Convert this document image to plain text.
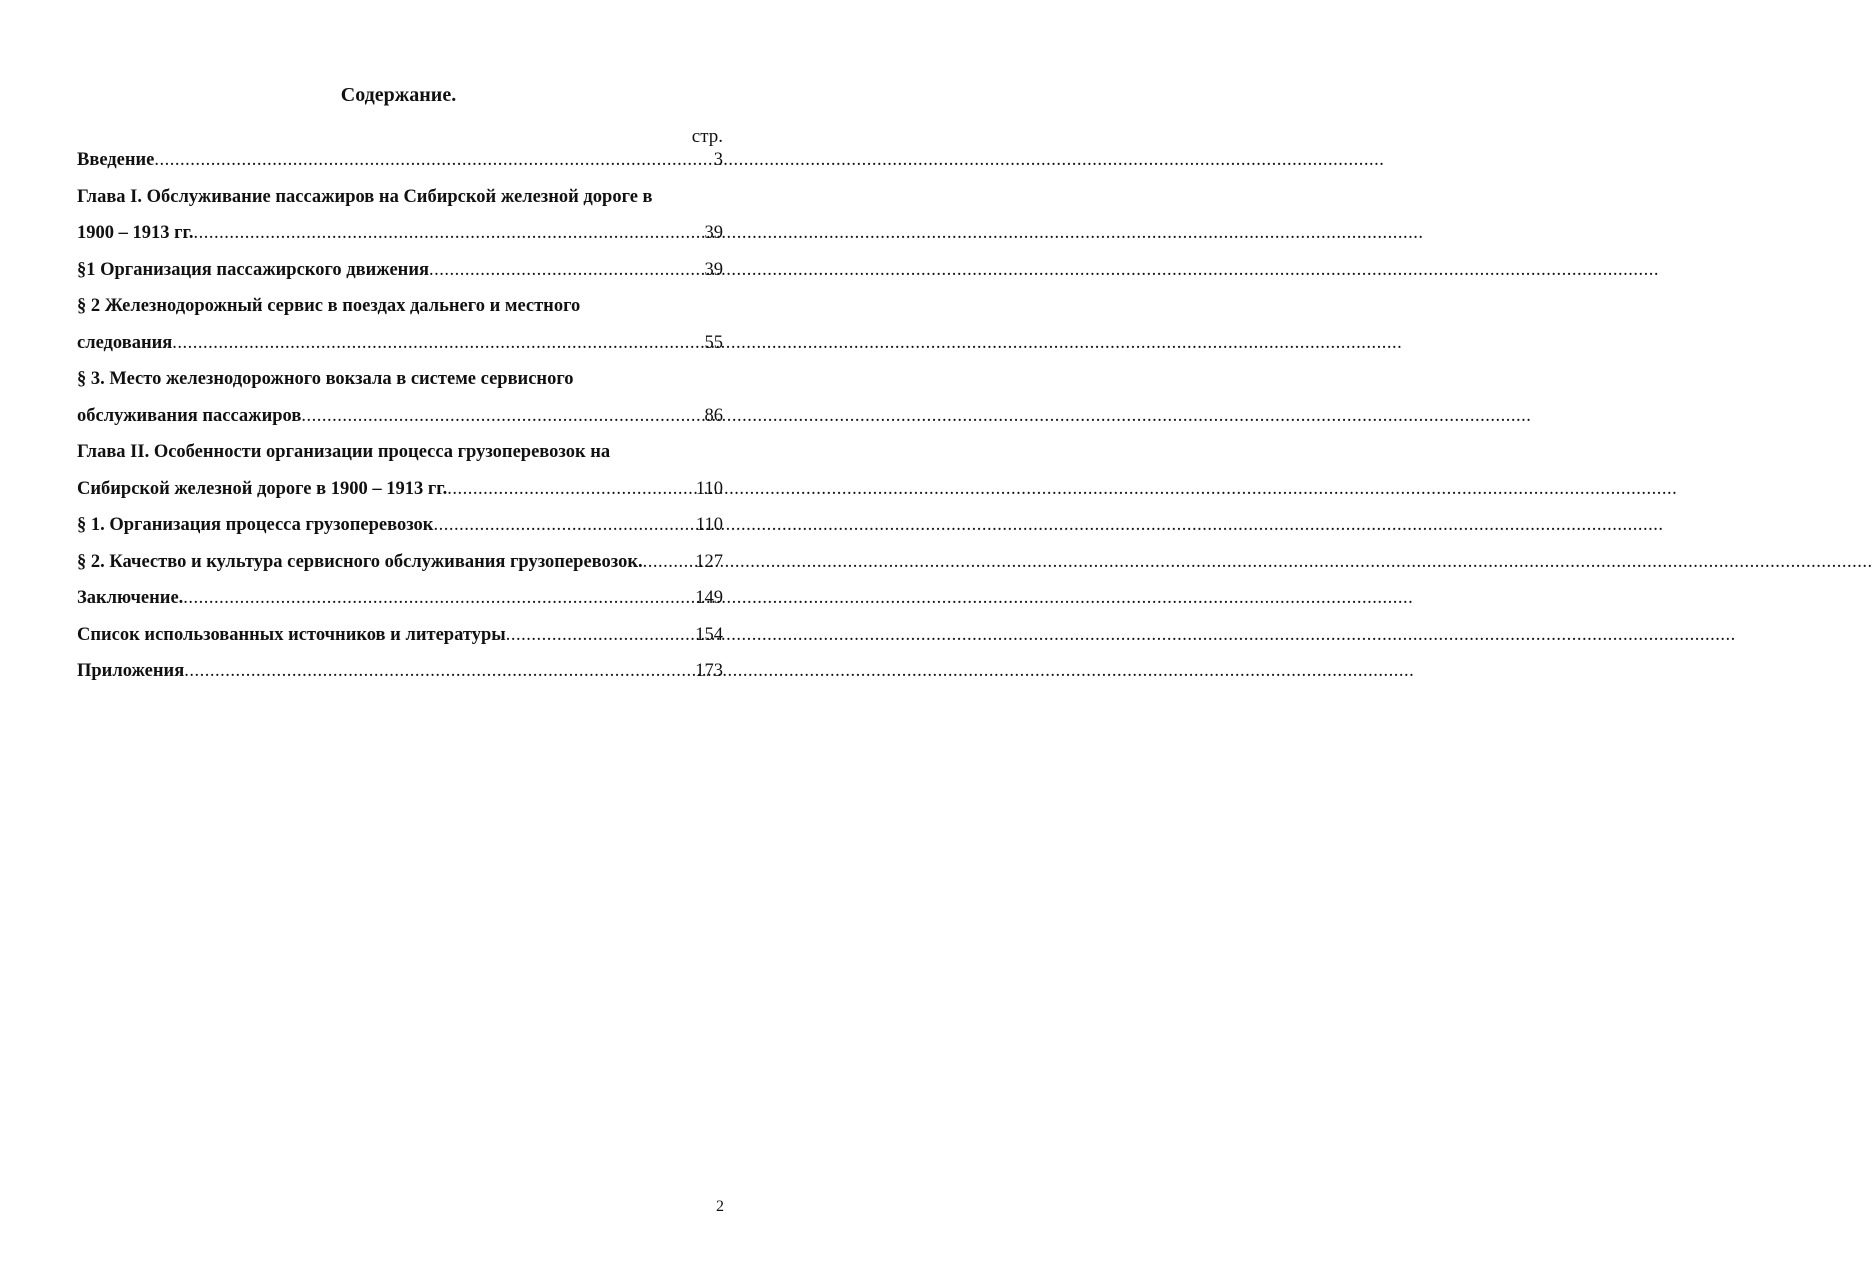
Содержание.
стр.
Введение .....	3
Глава I. Обслуживание пассажиров на Сибирской железной дороге в
1900 – 1913 гг. .....	39
§1 Организация пассажирского движения .....	39
§ 2 Железнодорожный сервис в поездах дальнего и местного
следования .....	55
§ 3. Место железнодорожного вокзала в системе сервисного
обслуживания пассажиров .....	86
Глава II. Особенности организации процесса грузоперевозок на
Сибирской железной дороге в 1900 – 1913 гг. .....	110
§ 1. Организация процесса грузоперевозок .....	110
§ 2. Качество и культура сервисного обслуживания грузоперевозок. .....	127
Заключение. .....	149
Список использованных источников и литературы .....	154
Приложения .....	173
2
